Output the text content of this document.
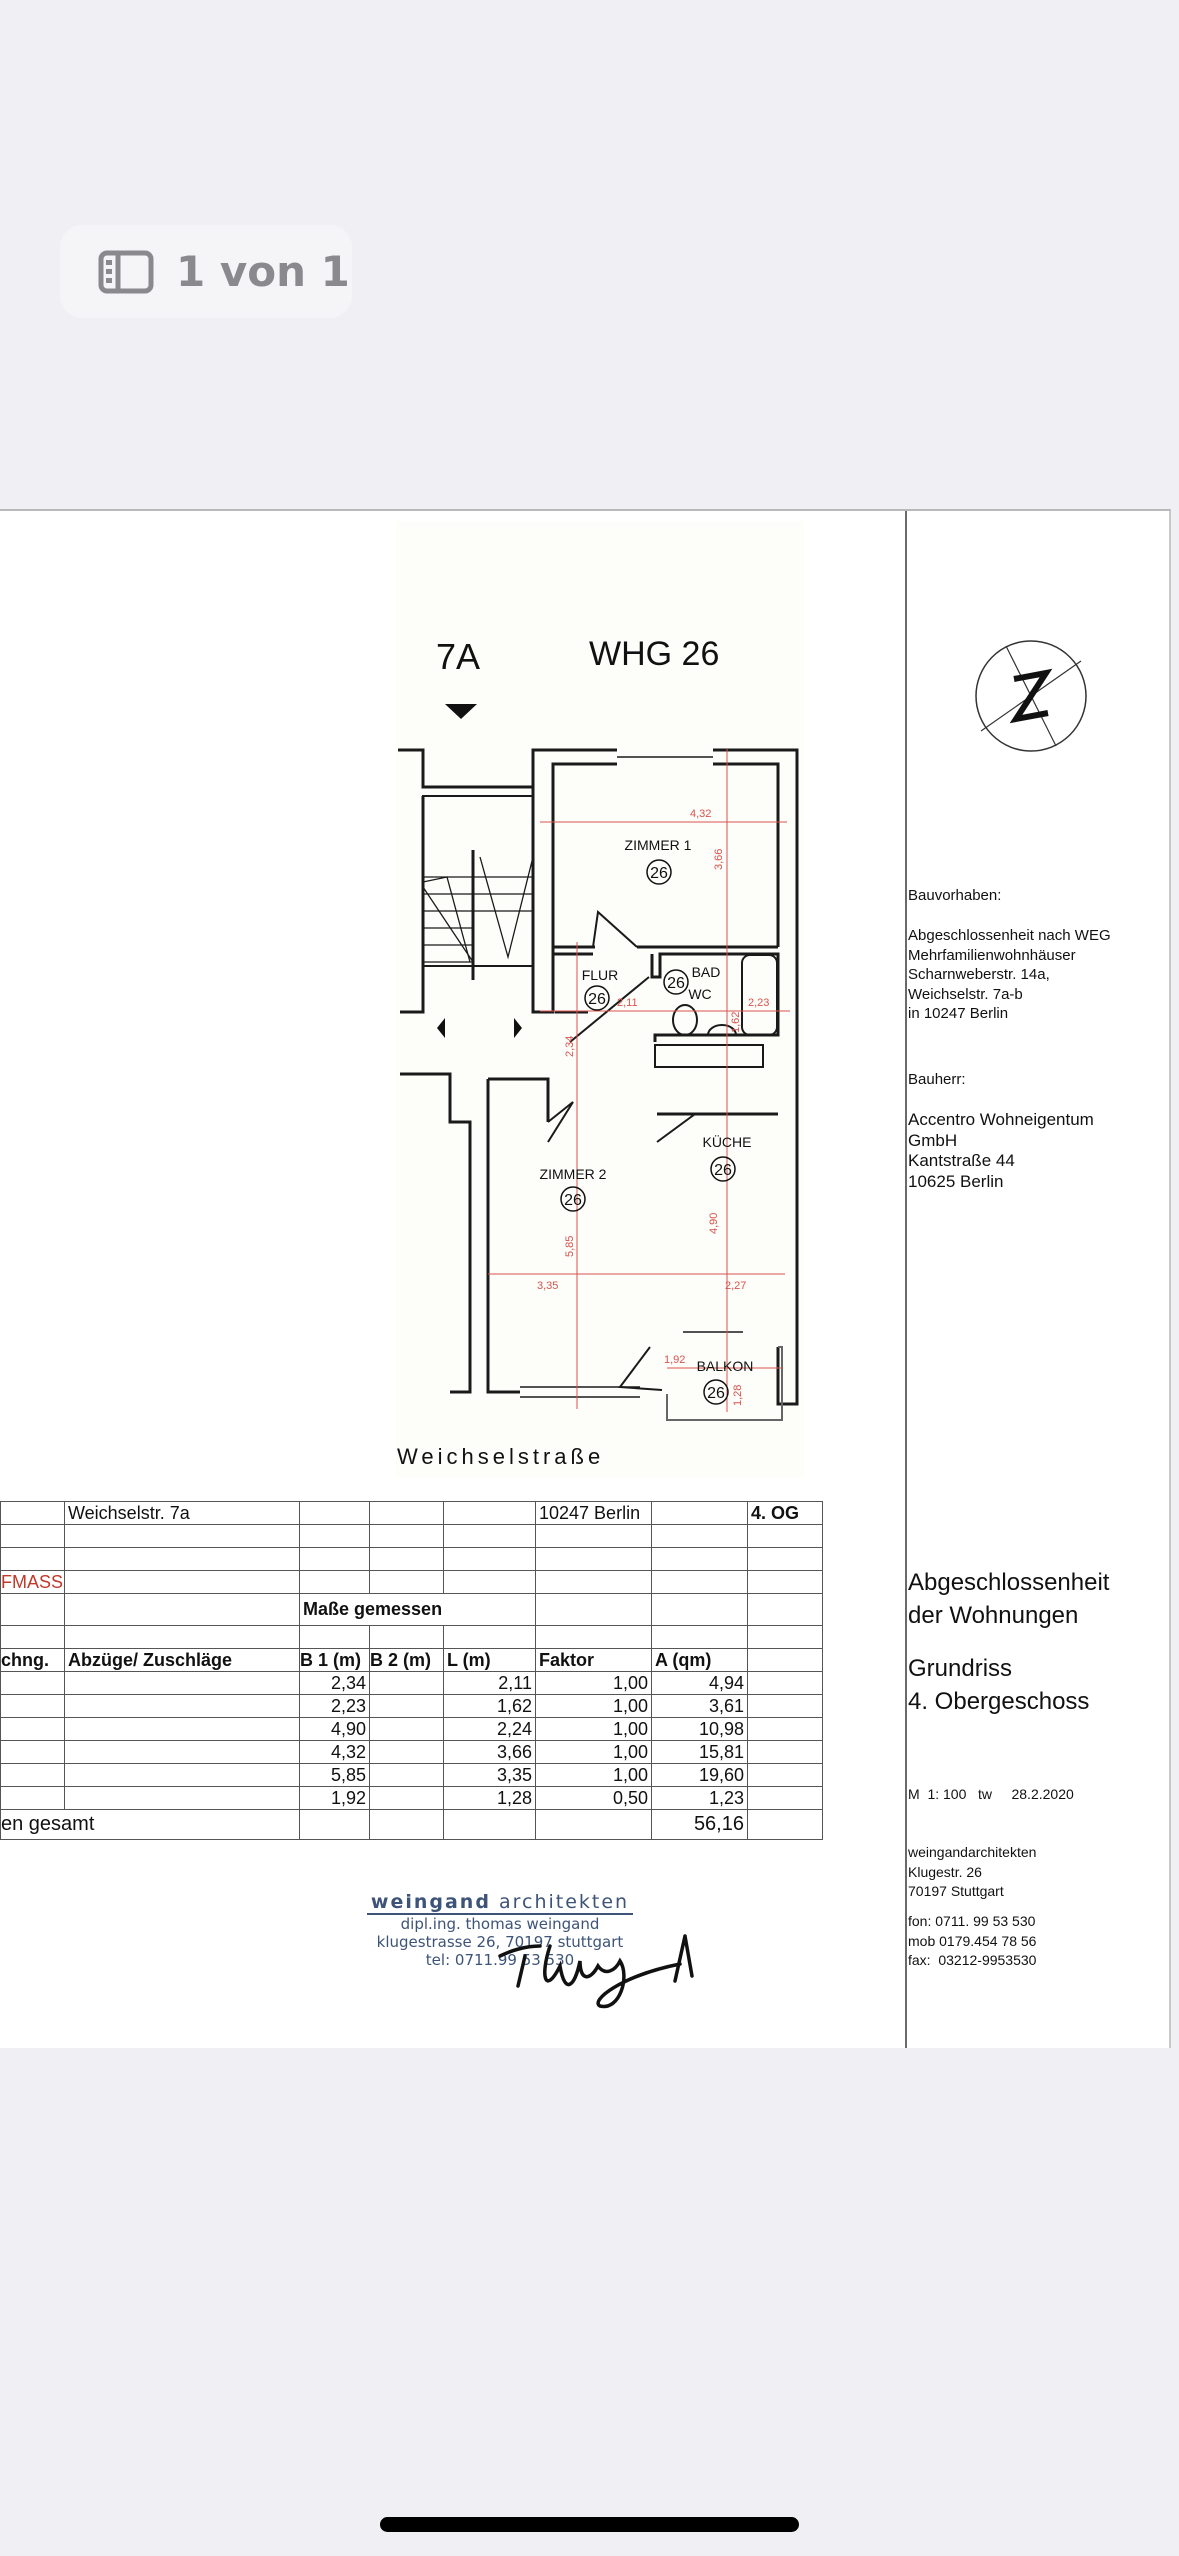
1 von 1
4,32
3,66
2,11
2,34
1,62
2,23
5,85
3,35
4,90
2,27
1,92
1,28
7A	WHG 26
Weichselstraße
ZIMMER 1
FLUR	BAD
WC
ZIMMER 2
KÜCHE
BALKON
26
26
26
26
26
26
	Weichselstr. 7a				10247 Berlin		4. OG

FMASS							
		Maße gemessen					

chng.	Abzüge/ Zuschläge	B 1 (m)	B 2 (m)	L (m)	Faktor	A (qm)	
		2,34		2,11	1,00	4,94	
		2,23		1,62	1,00	3,61	
		4,90		2,24	1,00	10,98	
		4,32		3,66	1,00	15,81	
		5,85		3,35	1,00	19,60	
		1,92		1,28	0,50	1,23	
en gesamt						56,16	
weingand architekten
dipl.ing. thomas weingand
klugestrasse 26, 70197 stuttgart
tel: 0711.99 53 530
Bauvorhaben:
Abgeschlossenheit nach WEG
Mehrfamilienwohnhäuser
Scharnweberstr. 14a,
Weichselstr. 7a-b
in 10247 Berlin
Bauherr:
Accentro Wohneigentum
GmbH
Kantstraße 44
10625 Berlin
Abgeschlossenheit
der Wohnungen
Grundriss
4. Obergeschoss
M  1: 100   tw     28.2.2020
weingandarchitekten
Klugestr. 26
70197 Stuttgart
fon: 0711. 99 53 530
mob 0179.454 78 56
fax:  03212-9953530
